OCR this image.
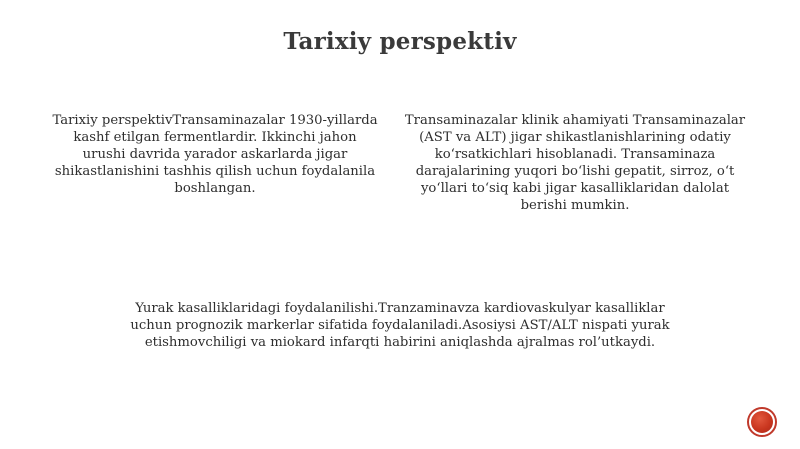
Tarixiy perspektiv
Tarixiy perspektivTransaminazalar 1930-yillarda kashf etilgan fermentlardir. Ikkinchi jahon urushi davrida yarador askarlarda jigar shikastlanishini tashhis qilish uchun foydalanila boshlangan.
Transaminazalar klinik ahamiyati Transaminazalar (AST va ALT) jigar shikastlanishlarining odatiy ko‘rsatkichlari hisoblanadi. Transaminaza darajalarining yuqori bo‘lishi gepatit, sirroz, o‘t yo‘llari to‘siq kabi jigar kasalliklaridan dalolat berishi mumkin.
Yurak kasalliklaridagi foydalanilishi.Tranzaminavza kardiovaskulyar kasalliklar uchun prognozik markerlar sifatida foydalaniladi.Asosiysi AST/ALT nispati yurak etishmovchiligi va miokard infarqti habirini aniqlashda ajralmas rol’utkaydi.
